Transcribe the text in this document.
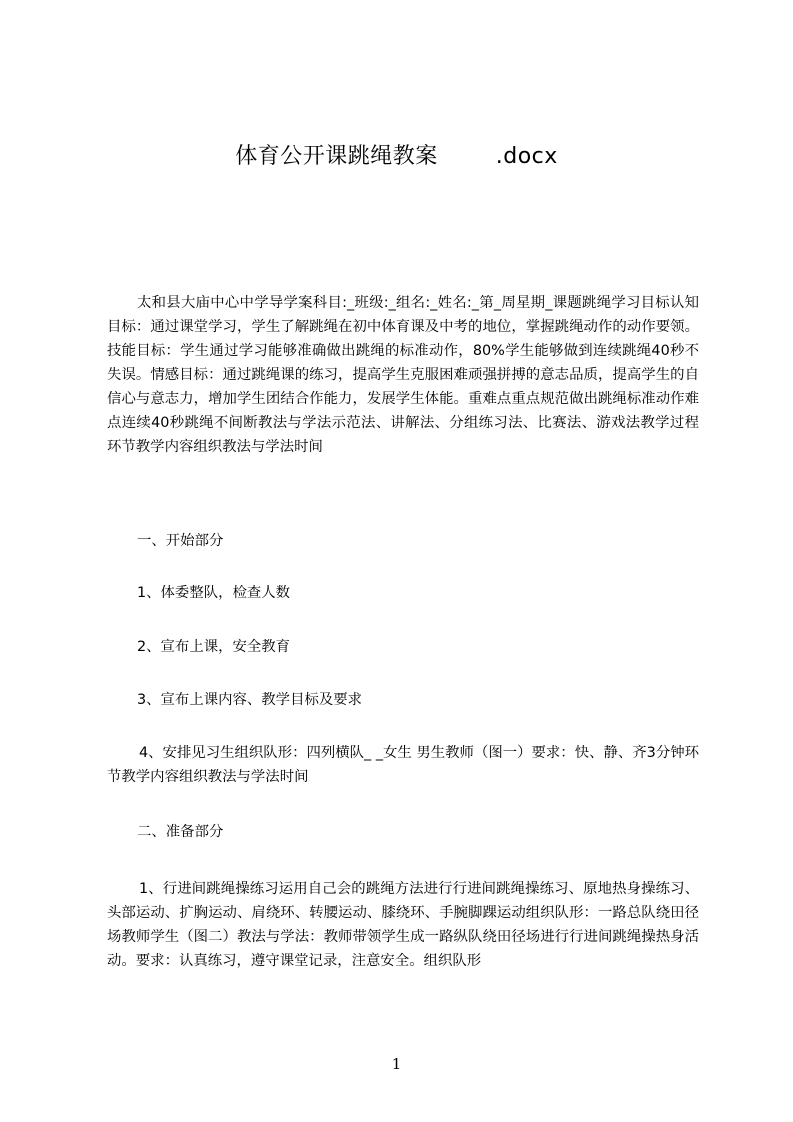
体育公开课跳绳教案	.docx

太和县大庙中心中学导学案科目:_班级:_组名:_姓名:_第_周星期_课题跳绳学习目标认知目标：通过课堂学习，学生了解跳绳在初中体育课及中考的地位，掌握跳绳动作的动作要领。技能目标：学生通过学习能够准确做出跳绳的标准动作，80%学生能够做到连续跳绳40秒不失误。情感目标：通过跳绳课的练习，提高学生克服困难顽强拼搏的意志品质，提高学生的自信心与意志力，增加学生团结合作能力，发展学生体能。重难点重点规范做出跳绳标准动作难点连续40秒跳绳不间断教法与学法示范法、讲解法、分组练习法、比赛法、游戏法教学过程环节教学内容组织教法与学法时间

一、开始部分
1、体委整队，检查人数
2、宣布上课，安全教育
3、宣布上课内容、教学目标及要求

4、安排见习生组织队形：四列横队_ _女生 男生教师（图一）要求：快、静、齐3分钟环节教学内容组织教法与学法时间

二、准备部分

1、行进间跳绳操练习运用自己会的跳绳方法进行行进间跳绳操练习、原地热身操练习、头部运动、扩胸运动、肩绕环、转腰运动、膝绕环、手腕脚踝运动组织队形：一路总队绕田径场教师学生（图二）教法与学法：教师带领学生成一路纵队绕田径场进行行进间跳绳操热身活动。要求：认真练习，遵守课堂记录，注意安全。组织队形

1
